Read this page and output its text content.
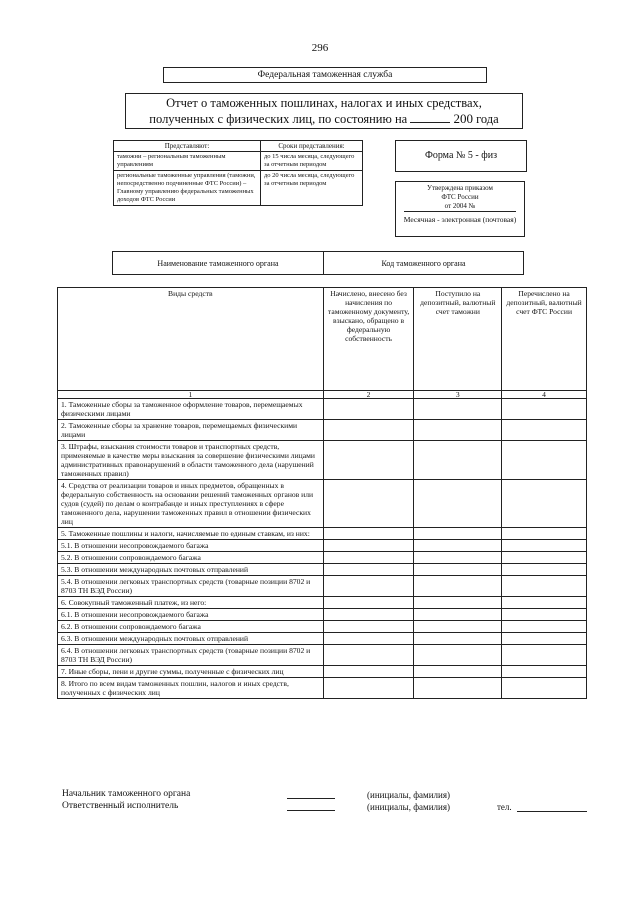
296
Федеральная таможенная служба
Отчет о таможенных пошлинах, налогах и иных средствах,
полученных с физических лиц, по состоянию на	200 года
Представляют:	Сроки представления:
таможни – региональным таможенным управлениям	до 15 числа месяца, следующего за отчетным периодом
региональные таможенные управления (таможни, непосредственно подчиненные ФТС России) – Главному управлению федеральных таможенных доходов ФТС России	до 20 числа месяца, следующего за отчетным периодом
Форма № 5 - физ
Утверждена приказом
ФТС России
от 2004 №
Месячная - электронная (почтовая)
Наименование таможенного органа	Код таможенного органа
Виды средств	Начислено, внесено без начисления по таможенному документу, взыскано, обращено в федеральную собственность	Поступило на депозитный, валютный счет таможни	Перечислено на депозитный, валютный счет ФТС России
1	2	3	4
1. Таможенные сборы за таможенное оформление товаров, перемещаемых физическими лицами			
2. Таможенные сборы за хранение товаров, перемещаемых физическими лицами			
3. Штрафы, взыскания стоимости товаров и транспортных средств, применяемые в качестве меры взыскания за совершение физическими лицами административных правонарушений в области таможенного дела (нарушений таможенных правил)			
4. Средства от реализации товаров и иных предметов, обращенных в федеральную собственность на основании решений таможенных органов или судов (судей) по делам о контрабанде и иных преступлениях в сфере таможенного дела, нарушении таможенных правил в отношении физических лиц			
5. Таможенные пошлины и налоги, начисляемые по единым ставкам, из них:			
5.1. В отношении несопровождаемого багажа			
5.2. В отношении сопровождаемого багажа			
5.3. В отношении международных почтовых отправлений			
5.4. В отношении легковых транспортных средств (товарные позиции 8702 и 8703 ТН ВЭД России)			
6. Совокупный таможенный платеж, из него:			
6.1. В отношении несопровождаемого багажа			
6.2. В отношении сопровождаемого багажа			
6.3. В отношении международных почтовых отправлений			
6.4. В отношении легковых транспортных средств (товарные позиции 8702 и 8703 ТН ВЭД России)			
7. Иные сборы, пени и другие суммы, полученные с физических лиц			
8. Итого по всем видам таможенных пошлин, налогов и иных средств, полученных с физических лиц			
Начальник таможенного органа	(инициалы, фамилия)
Ответственный исполнитель	(инициалы, фамилия)	тел.
